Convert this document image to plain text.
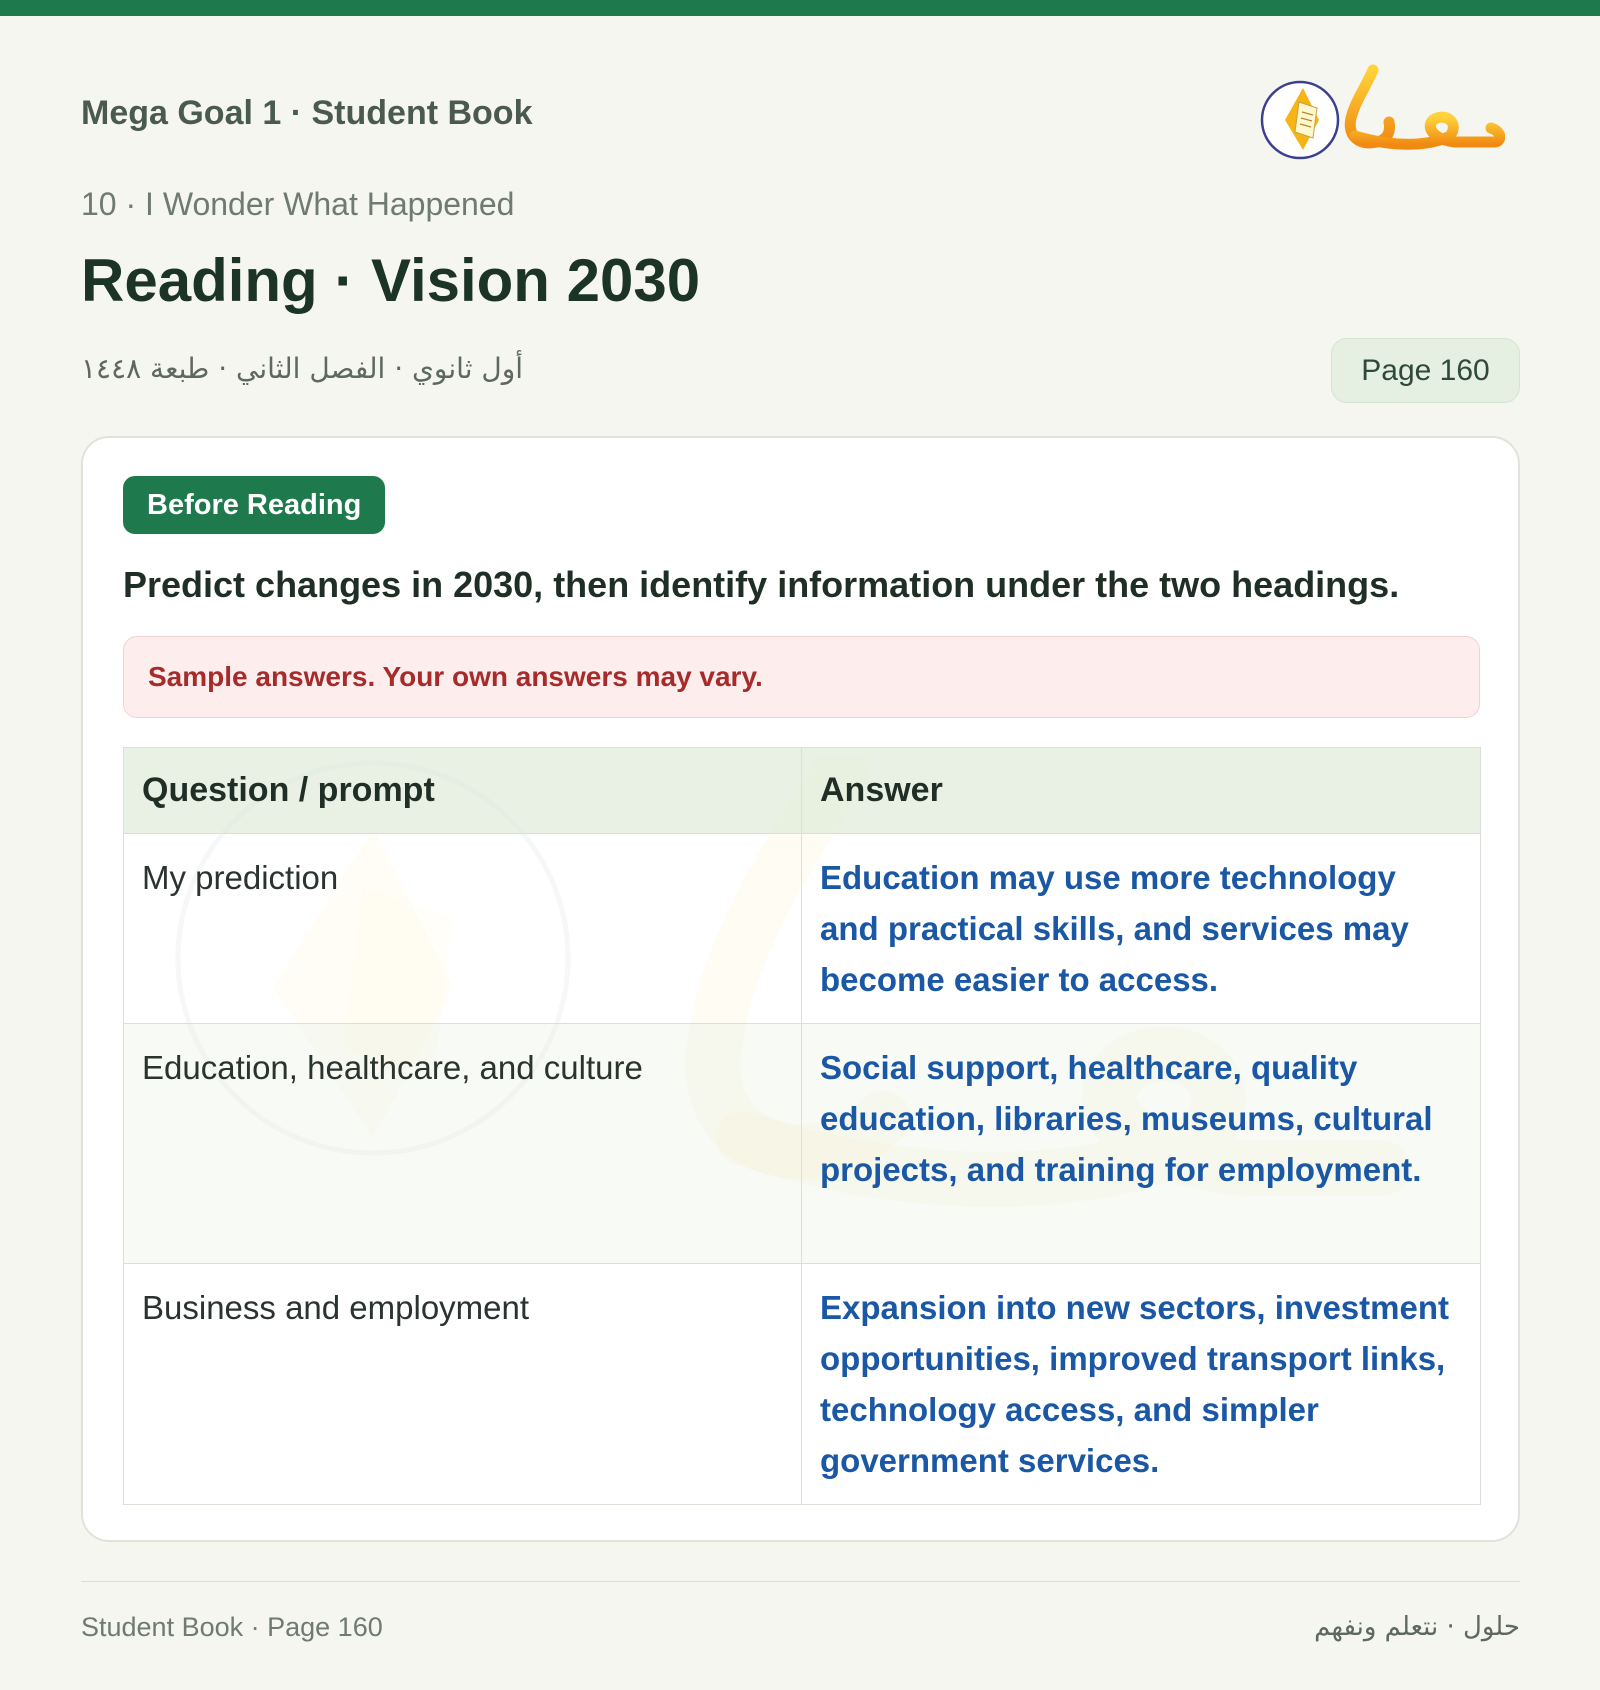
Mega Goal 1 · Student Book
10 · I Wonder What Happened
Reading · Vision 2030
أول ثانوي · الفصل الثاني · طبعة ١٤٤٨	Page 160
Before Reading
Predict changes in 2030, then identify information under the two headings.
Sample answers. Your own answers may vary.
Question / prompt	Answer
My prediction	Education may use more technology and practical skills, and services may become easier to access.
Education, healthcare, and culture	Social support, healthcare, quality education, libraries, museums, cultural projects, and training for employment.
Business and employment	Expansion into new sectors, investment opportunities, improved transport links, technology access, and simpler government services.
Student Book · Page 160	حلول · نتعلم ونفهم
